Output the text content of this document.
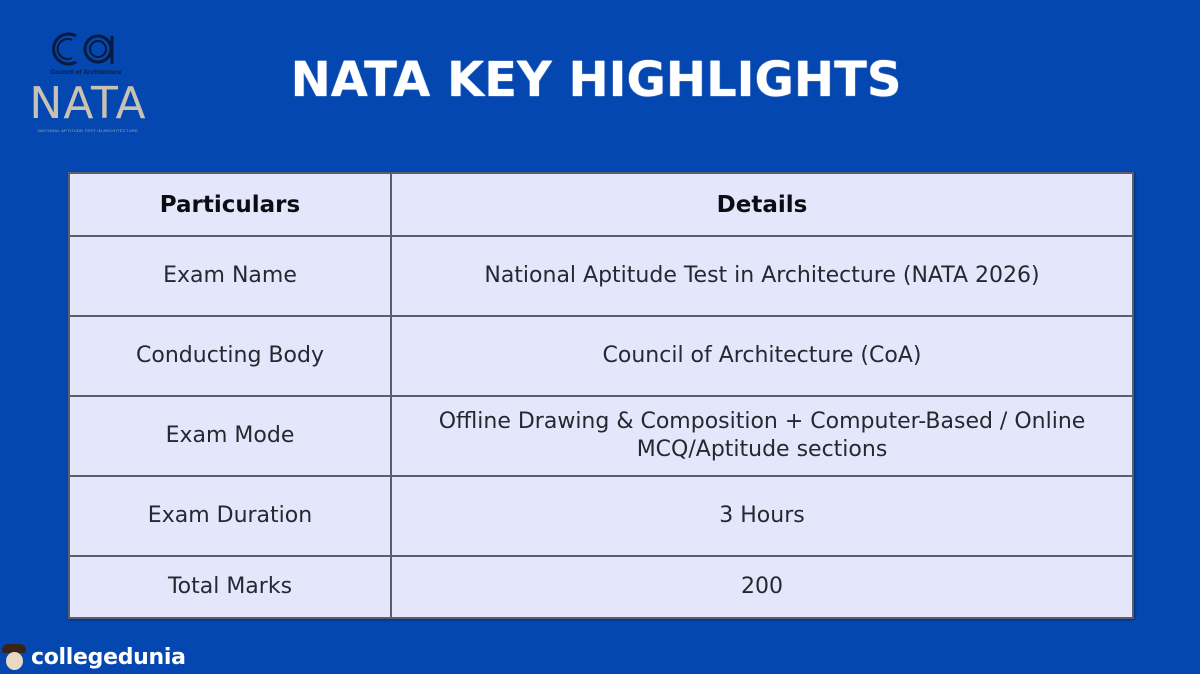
Council of Architecture
NATA
NATIONAL APTITUDE TEST IN ARCHITECTURE
NATA KEY HIGHLIGHTS
Particulars	Details
Exam Name	National Aptitude Test in Architecture (NATA 2026)
Conducting Body	Council of Architecture (CoA)
Exam Mode	Offline Drawing & Composition + Computer-Based / Online MCQ/Aptitude sections
Exam Duration	3 Hours
Total Marks	200
collegedunia
